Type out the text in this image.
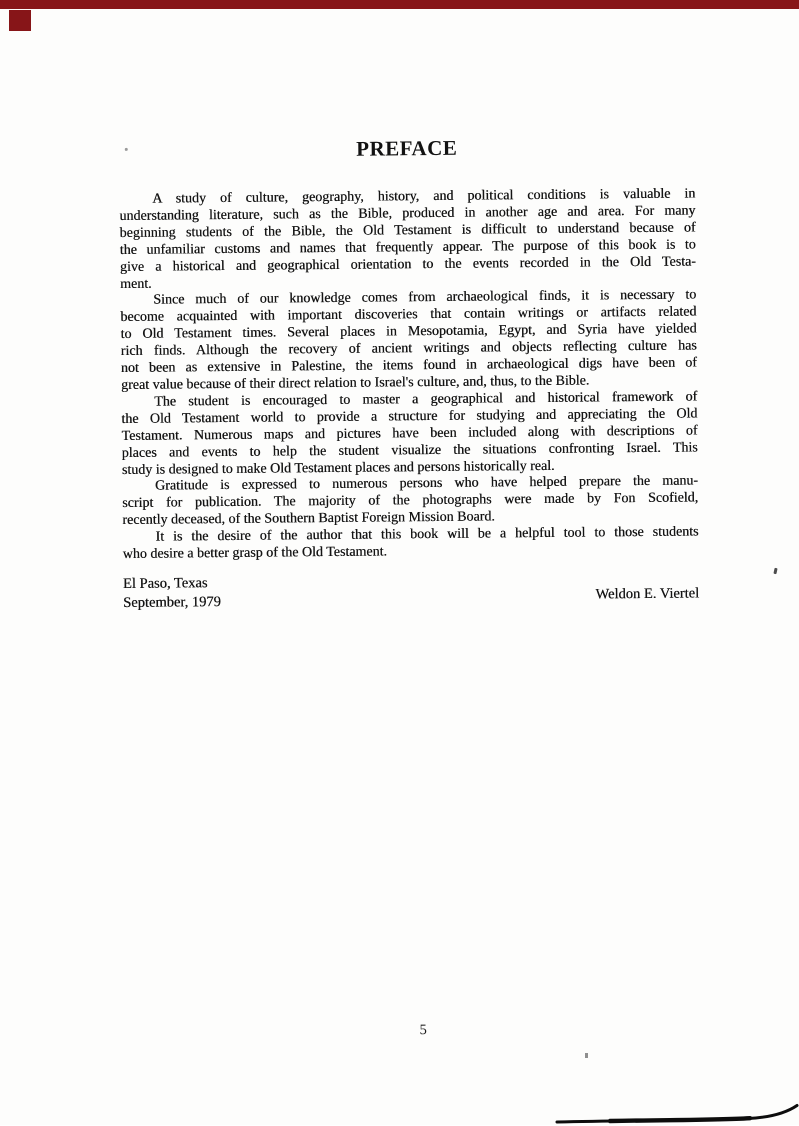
PREFACE
A study of culture, geography, history, and political conditions is valuable in
understanding literature, such as the Bible, produced in another age and area. For many
beginning students of the Bible, the Old Testament is difficult to understand because of
the unfamiliar customs and names that frequently appear. The purpose of this book is to
give a historical and geographical orientation to the events recorded in the Old Testa-
ment.
Since much of our knowledge comes from archaeological finds, it is necessary to
become acquainted with important discoveries that contain writings or artifacts related
to Old Testament times. Several places in Mesopotamia, Egypt, and Syria have yielded
rich finds. Although the recovery of ancient writings and objects reflecting culture has
not been as extensive in Palestine, the items found in archaeological digs have been of
great value because of their direct relation to Israel's culture, and, thus, to the Bible.
The student is encouraged to master a geographical and historical framework of
the Old Testament world to provide a structure for studying and appreciating the Old
Testament. Numerous maps and pictures have been included along with descriptions of
places and events to help the student visualize the situations confronting Israel. This
study is designed to make Old Testament places and persons historically real.
Gratitude is expressed to numerous persons who have helped prepare the manu-
script for publication. The majority of the photographs were made by Fon Scofield,
recently deceased, of the Southern Baptist Foreign Mission Board.
It is the desire of the author that this book will be a helpful tool to those students
who desire a better grasp of the Old Testament.
El Paso, Texas
September, 1979	Weldon E. Viertel
5
